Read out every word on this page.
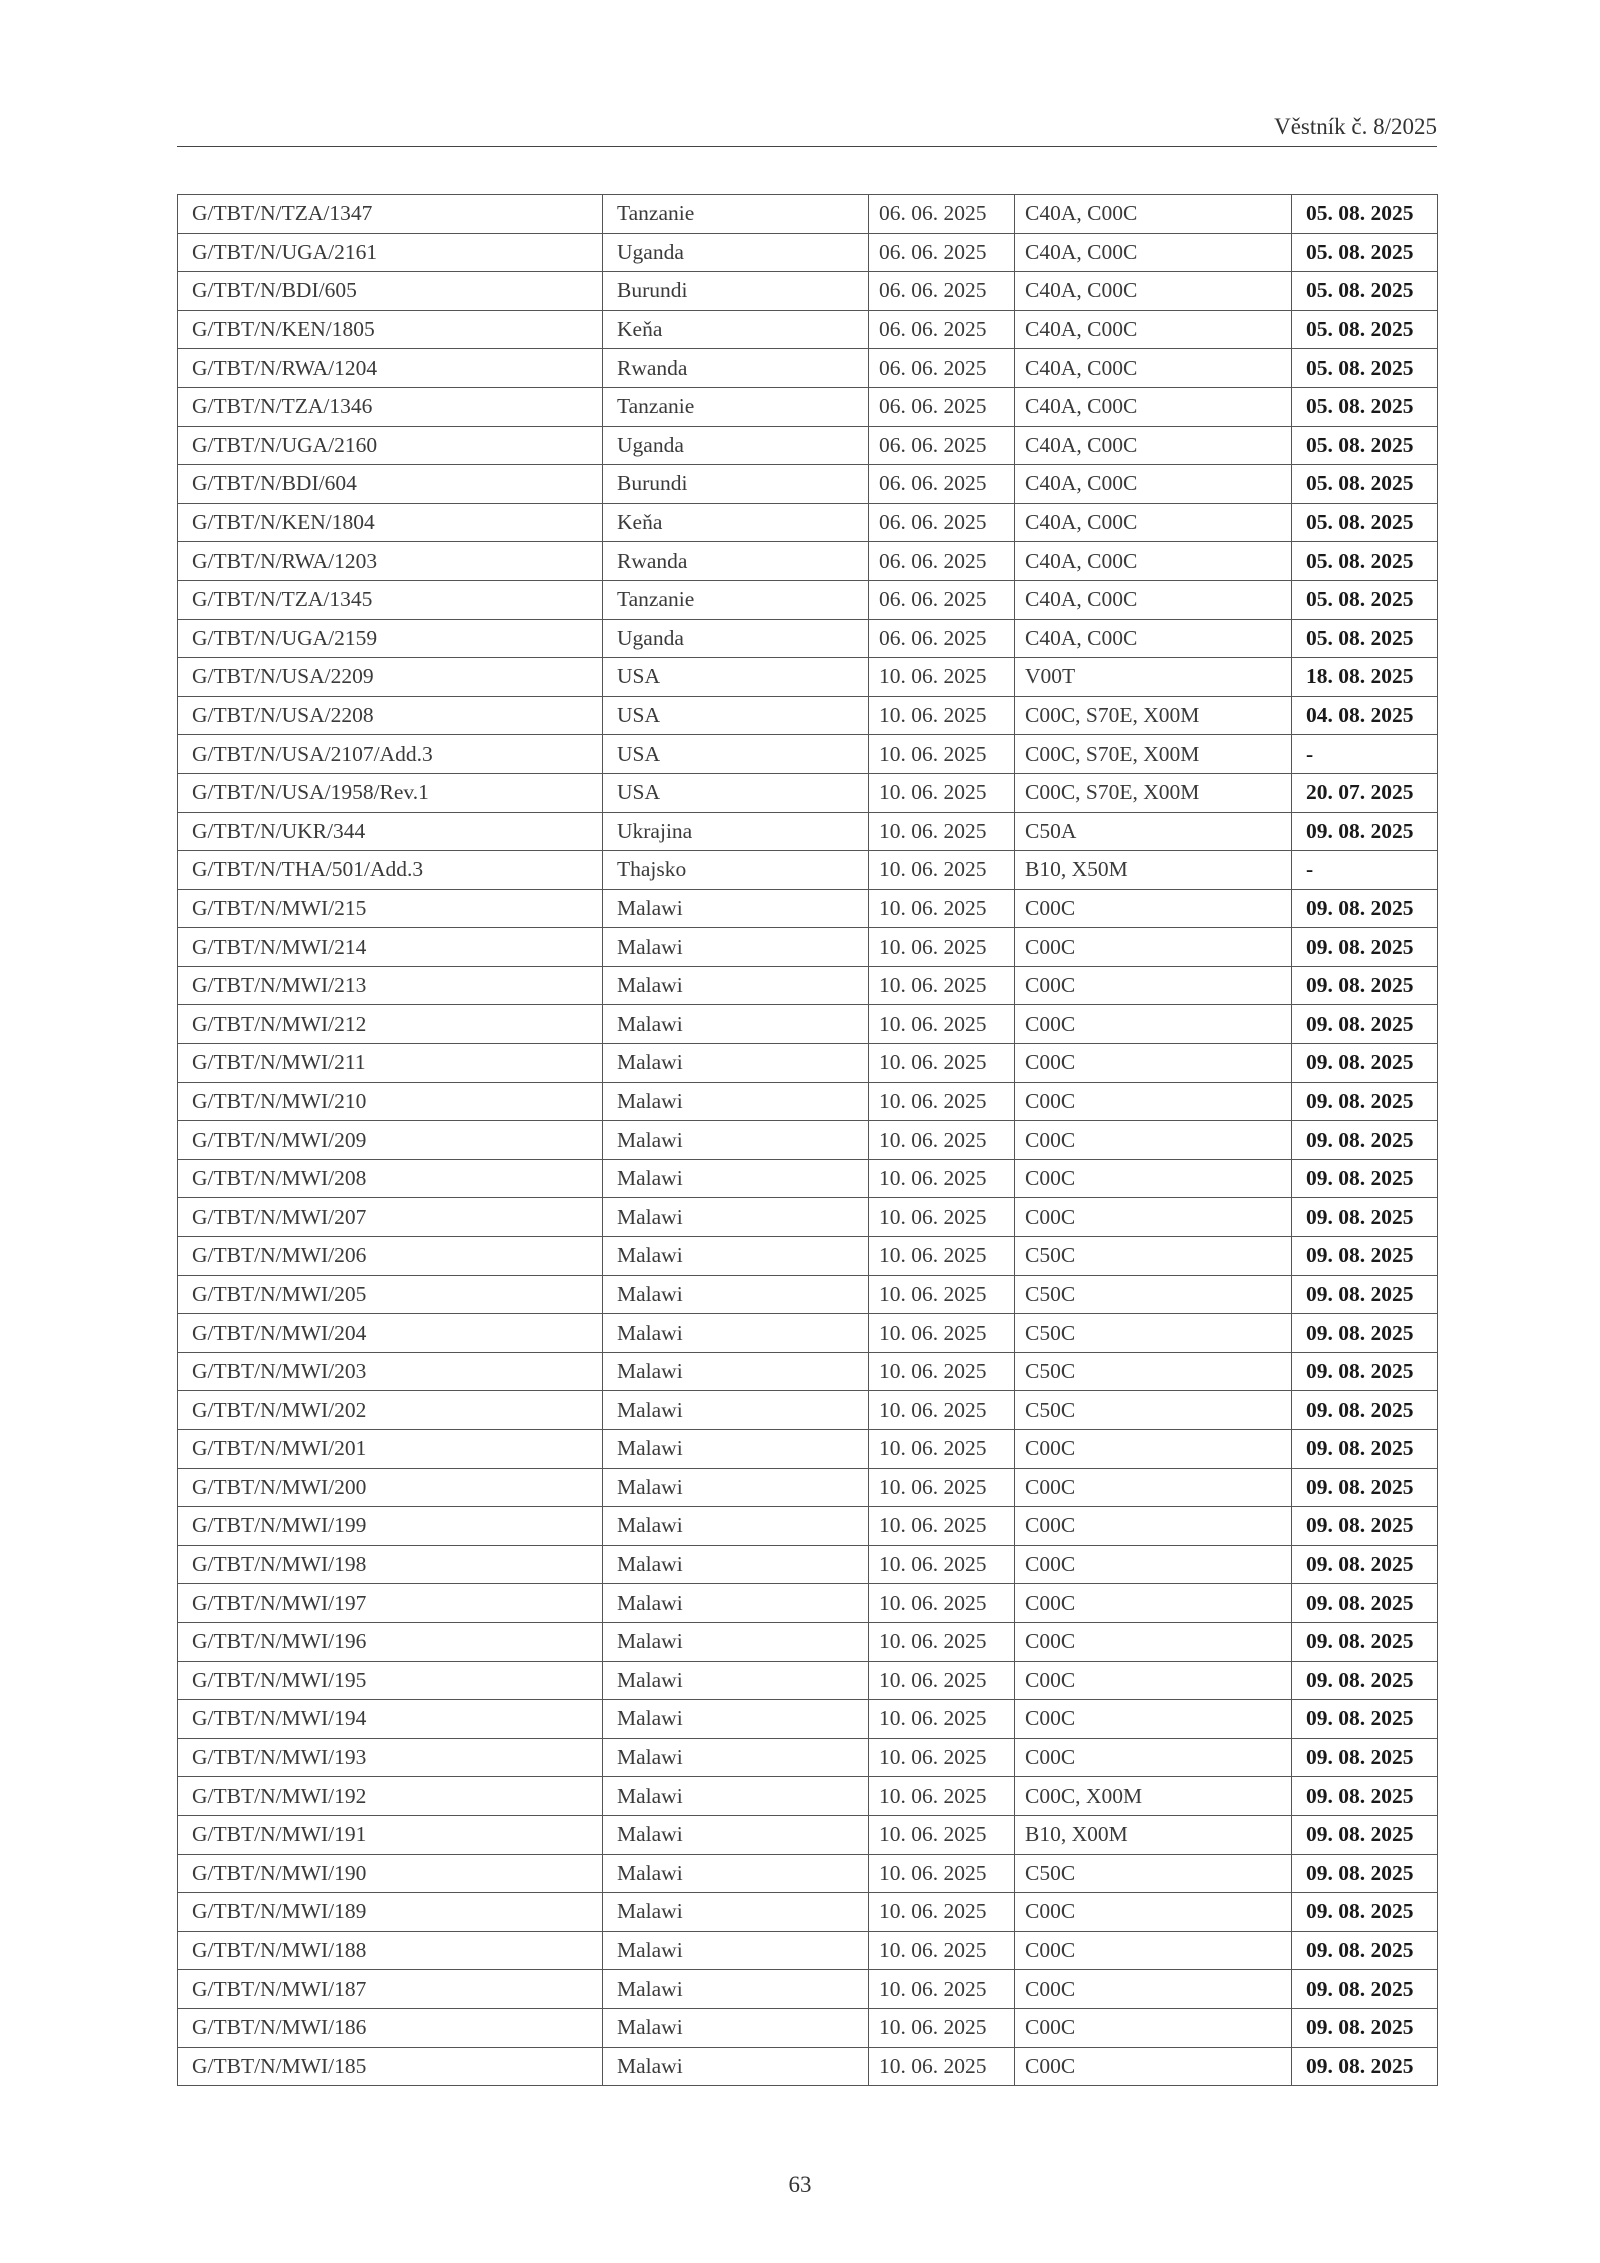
Věstník č. 8/2025
G/TBT/N/TZA/1347	Tanzanie	06. 06. 2025	C40A, C00C	05. 08. 2025
G/TBT/N/UGA/2161	Uganda	06. 06. 2025	C40A, C00C	05. 08. 2025
G/TBT/N/BDI/605	Burundi	06. 06. 2025	C40A, C00C	05. 08. 2025
G/TBT/N/KEN/1805	Keňa	06. 06. 2025	C40A, C00C	05. 08. 2025
G/TBT/N/RWA/1204	Rwanda	06. 06. 2025	C40A, C00C	05. 08. 2025
G/TBT/N/TZA/1346	Tanzanie	06. 06. 2025	C40A, C00C	05. 08. 2025
G/TBT/N/UGA/2160	Uganda	06. 06. 2025	C40A, C00C	05. 08. 2025
G/TBT/N/BDI/604	Burundi	06. 06. 2025	C40A, C00C	05. 08. 2025
G/TBT/N/KEN/1804	Keňa	06. 06. 2025	C40A, C00C	05. 08. 2025
G/TBT/N/RWA/1203	Rwanda	06. 06. 2025	C40A, C00C	05. 08. 2025
G/TBT/N/TZA/1345	Tanzanie	06. 06. 2025	C40A, C00C	05. 08. 2025
G/TBT/N/UGA/2159	Uganda	06. 06. 2025	C40A, C00C	05. 08. 2025
G/TBT/N/USA/2209	USA	10. 06. 2025	V00T	18. 08. 2025
G/TBT/N/USA/2208	USA	10. 06. 2025	C00C, S70E, X00M	04. 08. 2025
G/TBT/N/USA/2107/Add.3	USA	10. 06. 2025	C00C, S70E, X00M	-
G/TBT/N/USA/1958/Rev.1	USA	10. 06. 2025	C00C, S70E, X00M	20. 07. 2025
G/TBT/N/UKR/344	Ukrajina	10. 06. 2025	C50A	09. 08. 2025
G/TBT/N/THA/501/Add.3	Thajsko	10. 06. 2025	B10, X50M	-
G/TBT/N/MWI/215	Malawi	10. 06. 2025	C00C	09. 08. 2025
G/TBT/N/MWI/214	Malawi	10. 06. 2025	C00C	09. 08. 2025
G/TBT/N/MWI/213	Malawi	10. 06. 2025	C00C	09. 08. 2025
G/TBT/N/MWI/212	Malawi	10. 06. 2025	C00C	09. 08. 2025
G/TBT/N/MWI/211	Malawi	10. 06. 2025	C00C	09. 08. 2025
G/TBT/N/MWI/210	Malawi	10. 06. 2025	C00C	09. 08. 2025
G/TBT/N/MWI/209	Malawi	10. 06. 2025	C00C	09. 08. 2025
G/TBT/N/MWI/208	Malawi	10. 06. 2025	C00C	09. 08. 2025
G/TBT/N/MWI/207	Malawi	10. 06. 2025	C00C	09. 08. 2025
G/TBT/N/MWI/206	Malawi	10. 06. 2025	C50C	09. 08. 2025
G/TBT/N/MWI/205	Malawi	10. 06. 2025	C50C	09. 08. 2025
G/TBT/N/MWI/204	Malawi	10. 06. 2025	C50C	09. 08. 2025
G/TBT/N/MWI/203	Malawi	10. 06. 2025	C50C	09. 08. 2025
G/TBT/N/MWI/202	Malawi	10. 06. 2025	C50C	09. 08. 2025
G/TBT/N/MWI/201	Malawi	10. 06. 2025	C00C	09. 08. 2025
G/TBT/N/MWI/200	Malawi	10. 06. 2025	C00C	09. 08. 2025
G/TBT/N/MWI/199	Malawi	10. 06. 2025	C00C	09. 08. 2025
G/TBT/N/MWI/198	Malawi	10. 06. 2025	C00C	09. 08. 2025
G/TBT/N/MWI/197	Malawi	10. 06. 2025	C00C	09. 08. 2025
G/TBT/N/MWI/196	Malawi	10. 06. 2025	C00C	09. 08. 2025
G/TBT/N/MWI/195	Malawi	10. 06. 2025	C00C	09. 08. 2025
G/TBT/N/MWI/194	Malawi	10. 06. 2025	C00C	09. 08. 2025
G/TBT/N/MWI/193	Malawi	10. 06. 2025	C00C	09. 08. 2025
G/TBT/N/MWI/192	Malawi	10. 06. 2025	C00C, X00M	09. 08. 2025
G/TBT/N/MWI/191	Malawi	10. 06. 2025	B10, X00M	09. 08. 2025
G/TBT/N/MWI/190	Malawi	10. 06. 2025	C50C	09. 08. 2025
G/TBT/N/MWI/189	Malawi	10. 06. 2025	C00C	09. 08. 2025
G/TBT/N/MWI/188	Malawi	10. 06. 2025	C00C	09. 08. 2025
G/TBT/N/MWI/187	Malawi	10. 06. 2025	C00C	09. 08. 2025
G/TBT/N/MWI/186	Malawi	10. 06. 2025	C00C	09. 08. 2025
G/TBT/N/MWI/185	Malawi	10. 06. 2025	C00C	09. 08. 2025
63
